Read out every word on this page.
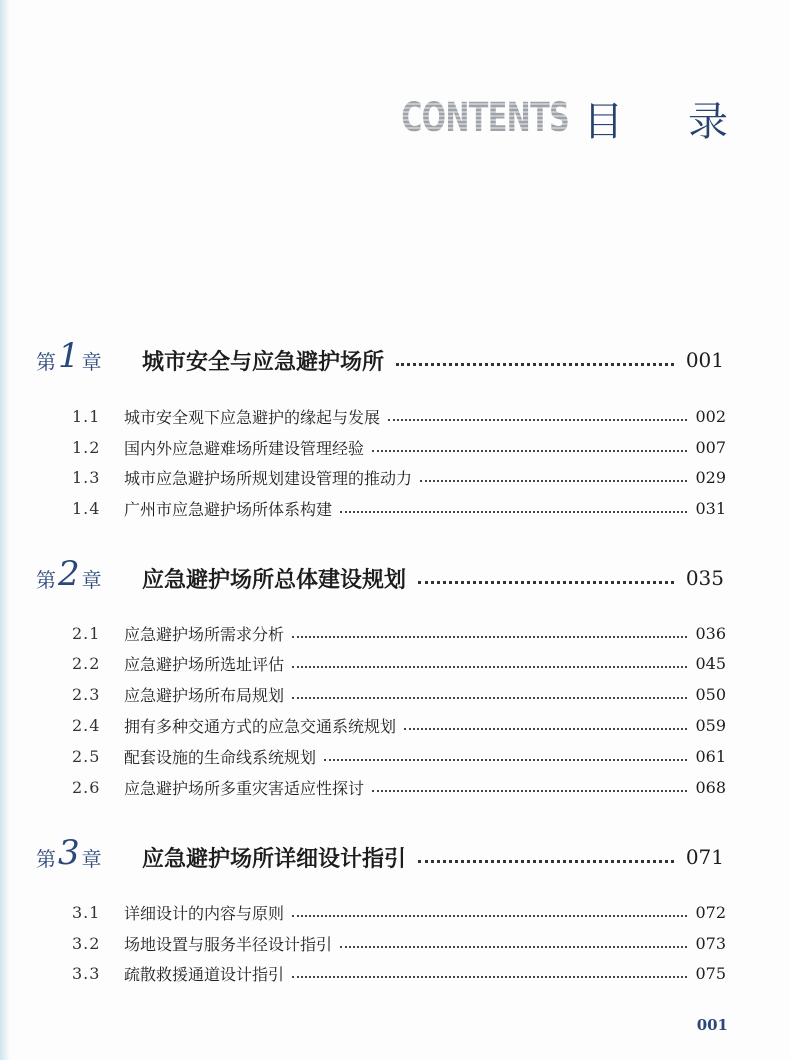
CONTENTS 目 录
第 1 章 城市安全与应急避护场所	001
1.1	城市安全观下应急避护的缘起与发展	002
1.2	国内外应急避难场所建设管理经验	007
1.3	城市应急避护场所规划建设管理的推动力	029
1.4	广州市应急避护场所体系构建	031
第 2 章 应急避护场所总体建设规划	035
2.1	应急避护场所需求分析	036
2.2	应急避护场所选址评估	045
2.3	应急避护场所布局规划	050
2.4	拥有多种交通方式的应急交通系统规划	059
2.5	配套设施的生命线系统规划	061
2.6	应急避护场所多重灾害适应性探讨	068
第 3 章 应急避护场所详细设计指引	071
3.1	详细设计的内容与原则	072
3.2	场地设置与服务半径设计指引	073
3.3	疏散救援通道设计指引	075
001
